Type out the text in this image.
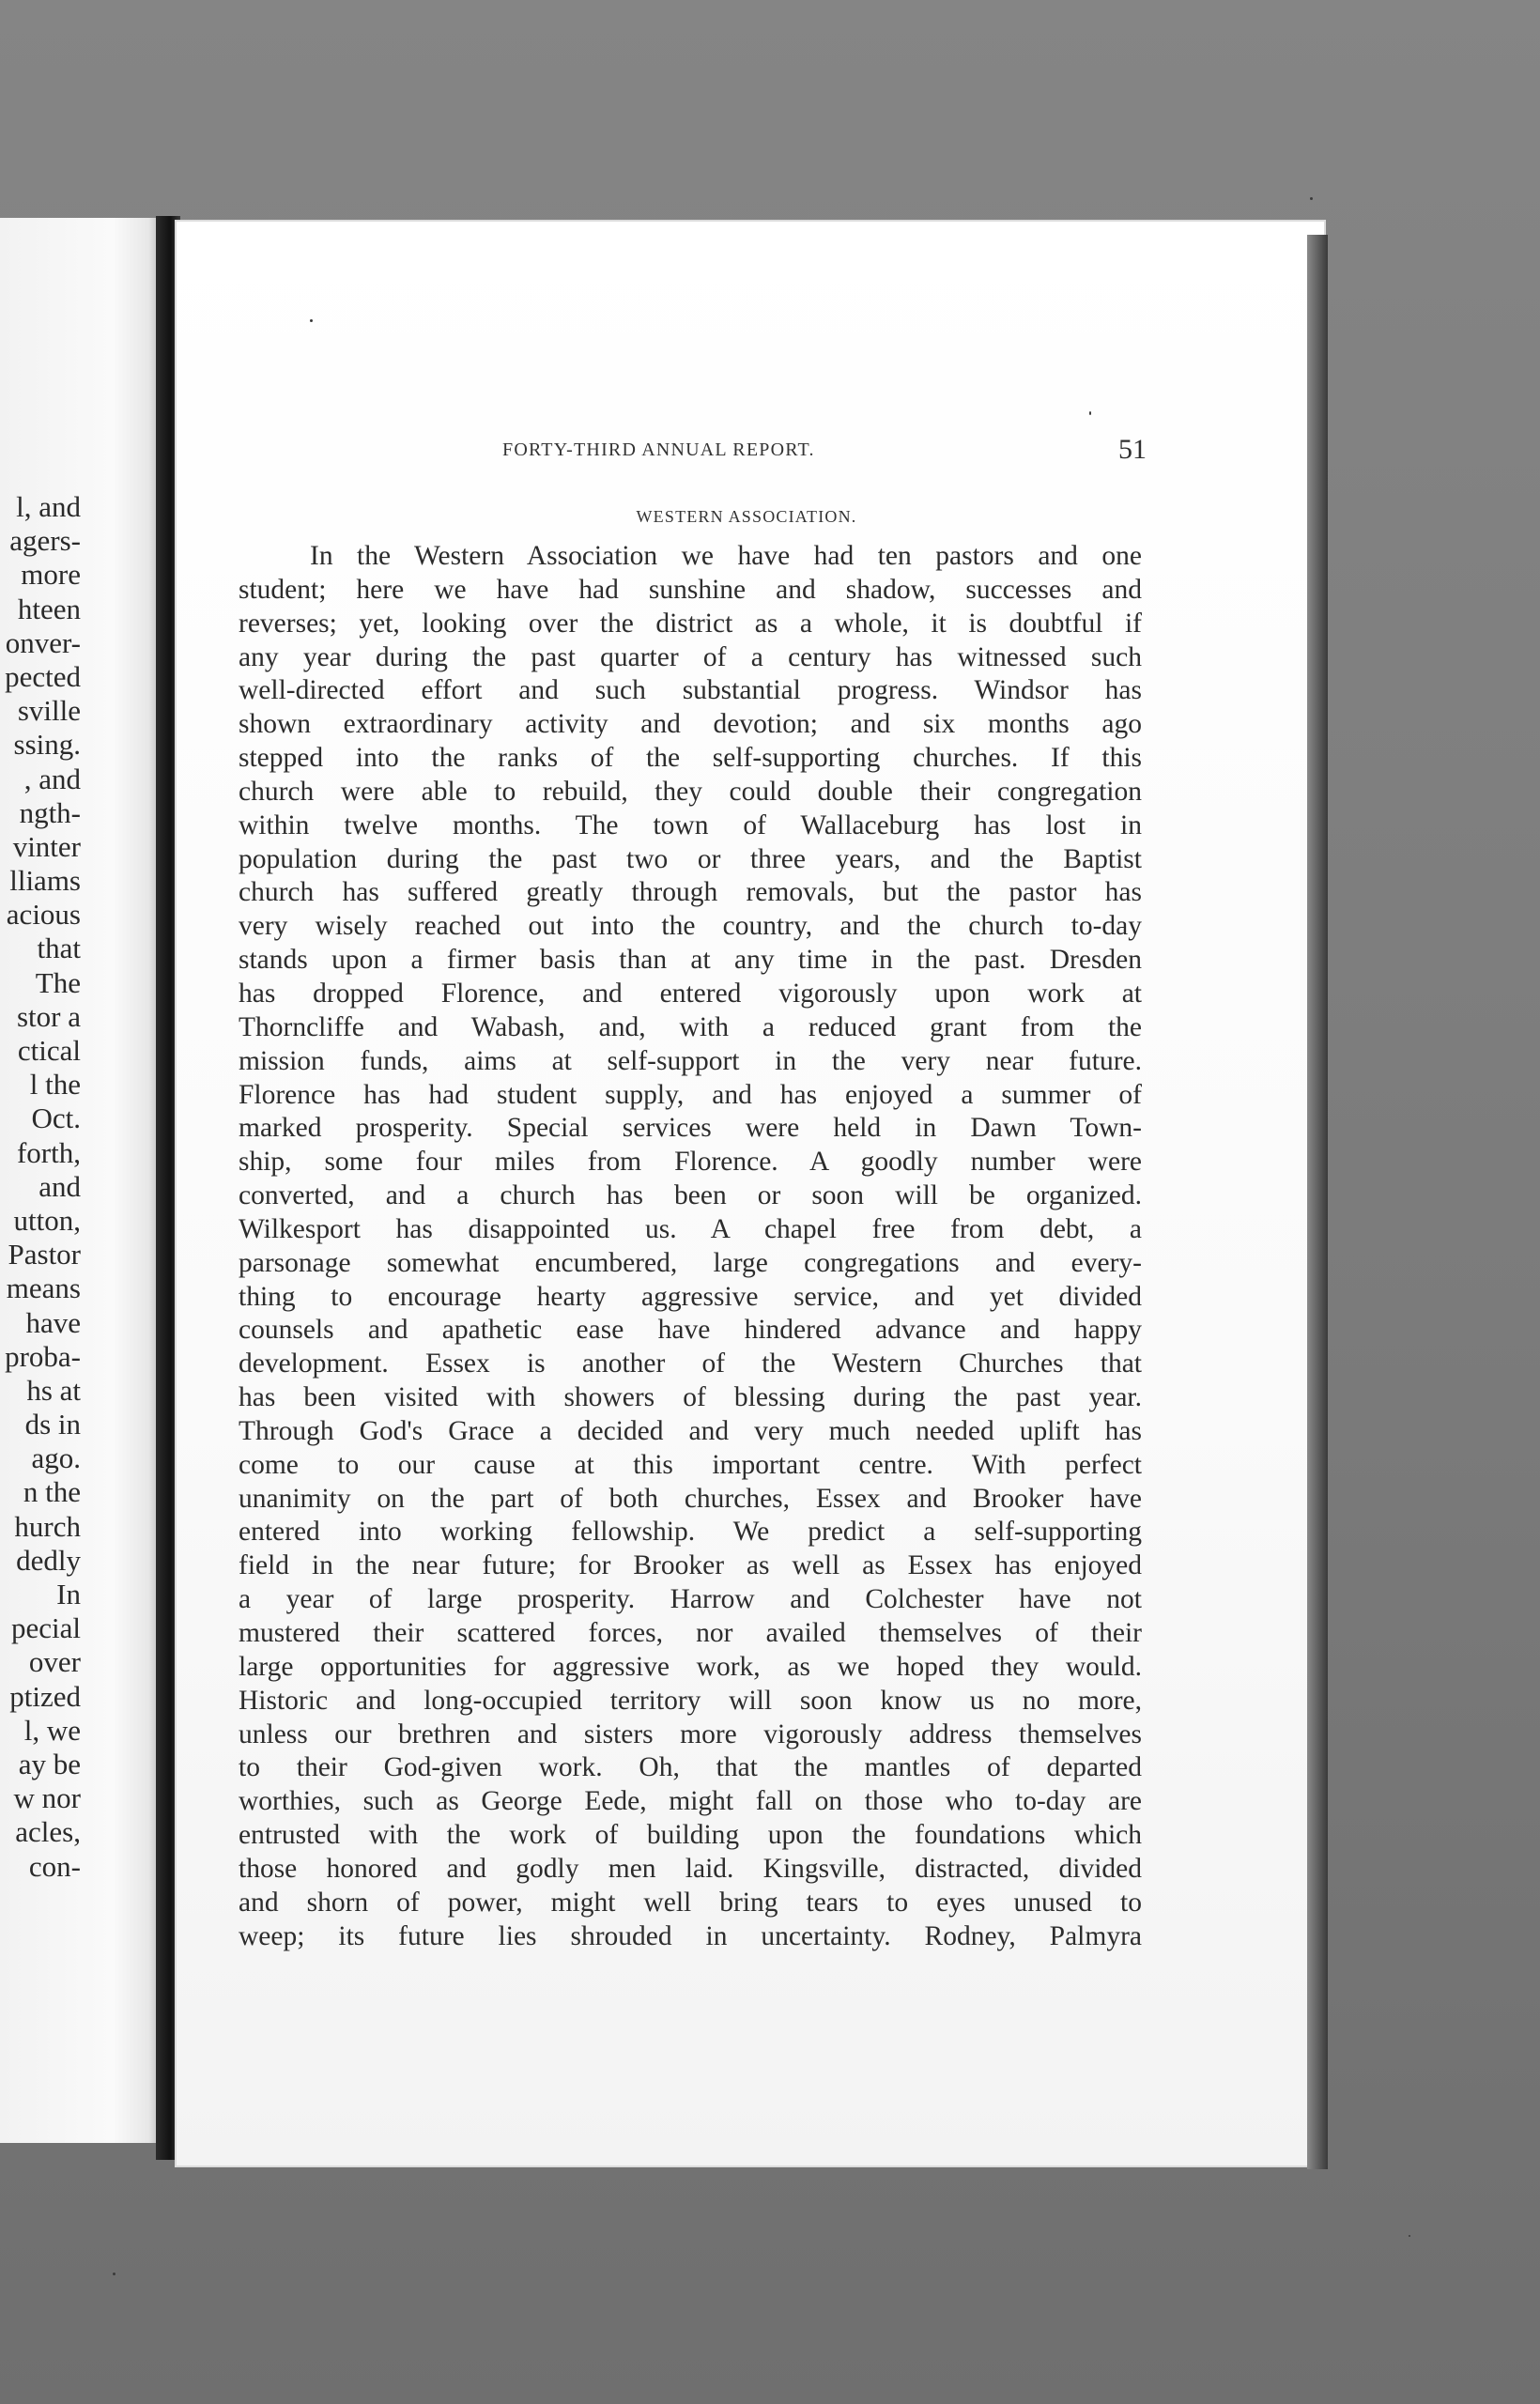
l, and
agers-
more
hteen
onver-
pected
sville
ssing.
, and
ngth-
vinter
lliams
acious
that
The
stor a
ctical
l the
Oct.
forth,
and
utton,
Pastor
means
have
proba-
hs at
ds in
ago.
n the
hurch
dedly
In
pecial
over
ptized
l, we
ay be
w nor
acles,
con-
FORTY-THIRD ANNUAL REPORT.	51
WESTERN ASSOCIATION.
In the Western Association we have had ten pastors and one
student; here we have had sunshine and shadow, successes and
reverses; yet, looking over the district as a whole, it is doubtful if
any year during the past quarter of a century has witnessed such
well-directed effort and such substantial progress. Windsor has
shown extraordinary activity and devotion; and six months ago
stepped into the ranks of the self-supporting churches. If this
church were able to rebuild, they could double their congregation
within twelve months. The town of Wallaceburg has lost in
population during the past two or three years, and the Baptist
church has suffered greatly through removals, but the pastor has
very wisely reached out into the country, and the church to-day
stands upon a firmer basis than at any time in the past. Dresden
has dropped Florence, and entered vigorously upon work at
Thorncliffe and Wabash, and, with a reduced grant from the
mission funds, aims at self-support in the very near future.
Florence has had student supply, and has enjoyed a summer of
marked prosperity. Special services were held in Dawn Town-
ship, some four miles from Florence. A goodly number were
converted, and a church has been or soon will be organized.
Wilkesport has disappointed us. A chapel free from debt, a
parsonage somewhat encumbered, large congregations and every-
thing to encourage hearty aggressive service, and yet divided
counsels and apathetic ease have hindered advance and happy
development. Essex is another of the Western Churches that
has been visited with showers of blessing during the past year.
Through God's Grace a decided and very much needed uplift has
come to our cause at this important centre. With perfect
unanimity on the part of both churches, Essex and Brooker have
entered into working fellowship. We predict a self-supporting
field in the near future; for Brooker as well as Essex has enjoyed
a year of large prosperity. Harrow and Colchester have not
mustered their scattered forces, nor availed themselves of their
large opportunities for aggressive work, as we hoped they would.
Historic and long-occupied territory will soon know us no more,
unless our brethren and sisters more vigorously address themselves
to their God-given work. Oh, that the mantles of departed
worthies, such as George Eede, might fall on those who to-day are
entrusted with the work of building upon the foundations which
those honored and godly men laid. Kingsville, distracted, divided
and shorn of power, might well bring tears to eyes unused to
weep; its future lies shrouded in uncertainty. Rodney, Palmyra
